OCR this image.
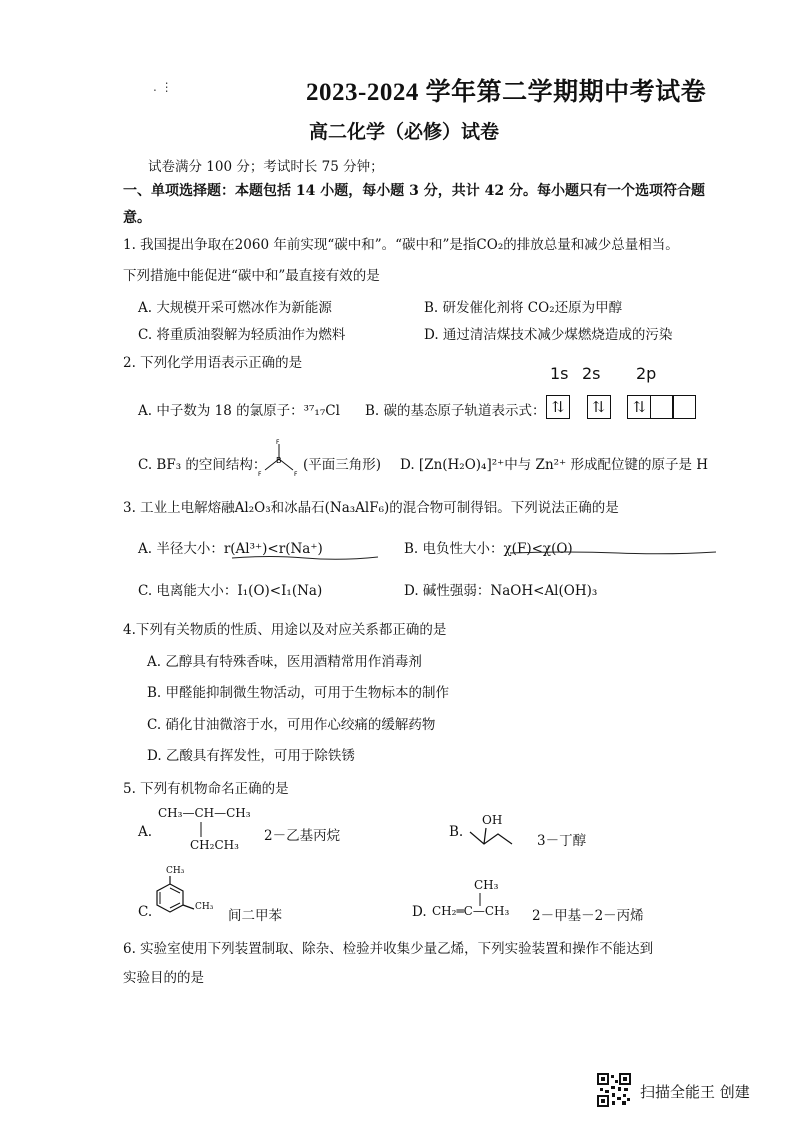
. ⋮	2023-2024 学年第二学期期中考试卷
高二化学（必修）试卷
试卷满分 100 分；考试时长 75 分钟；
一、单项选择题：本题包括 14 小题，每小题 3 分，共计 42 分。每小题只有一个选项符合题
意。
1. 我国提出争取在2060 年前实现“碳中和”。“碳中和”是指CO₂的排放总量和减少总量相当。
下列措施中能促进“碳中和”最直接有效的是
A. 大规模开采可燃冰作为新能源	B. 研发催化剂将 CO₂还原为甲醇
C. 将重质油裂解为轻质油作为燃料	D. 通过清洁煤技术减少煤燃烧造成的污染
2. 下列化学用语表示正确的是
A. 中子数为 18 的氯原子：³⁷₁₇Cl B. 碳的基态原子轨道表示式：
1s 2s 2p
⇅ ⇅ ⇅
C. BF₃ 的空间结构： B
F
F	F
(平面三角形) D. [Zn(H₂O)₄]²⁺中与 Zn²⁺ 形成配位键的原子是 H
3. 工业上电解熔融Al₂O₃和冰晶石(Na₃AlF₆)的混合物可制得铝。下列说法正确的是
A. 半径大小：r(Al³⁺)<r(Na⁺)	B. 电负性大小：χ(F)<χ(O)
C. 电离能大小：I₁(O)<I₁(Na)	D. 碱性强弱：NaOH<Al(OH)₃
4.下列有关物质的性质、用途以及对应关系都正确的是
A. 乙醇具有特殊香味，医用酒精常用作消毒剂
B. 甲醛能抑制微生物活动，可用于生物标本的制作
C. 硝化甘油微溶于水，可用作心绞痛的缓解药物
D. 乙酸具有挥发性，可用于除铁锈
5. 下列有机物命名正确的是
A.
CH₃—CH—CH₃
CH₂CH₃
2－乙基丙烷	B.
OH
3－丁醇
C.
CH₃
CH₃
间二甲苯	D.
CH₃
CH₂═C—CH₃ 2－甲基－2－丙烯
6. 实验室使用下列装置制取、除杂、检验并收集少量乙烯，下列实验装置和操作不能达到
实验目的的是
扫描全能王 创建
